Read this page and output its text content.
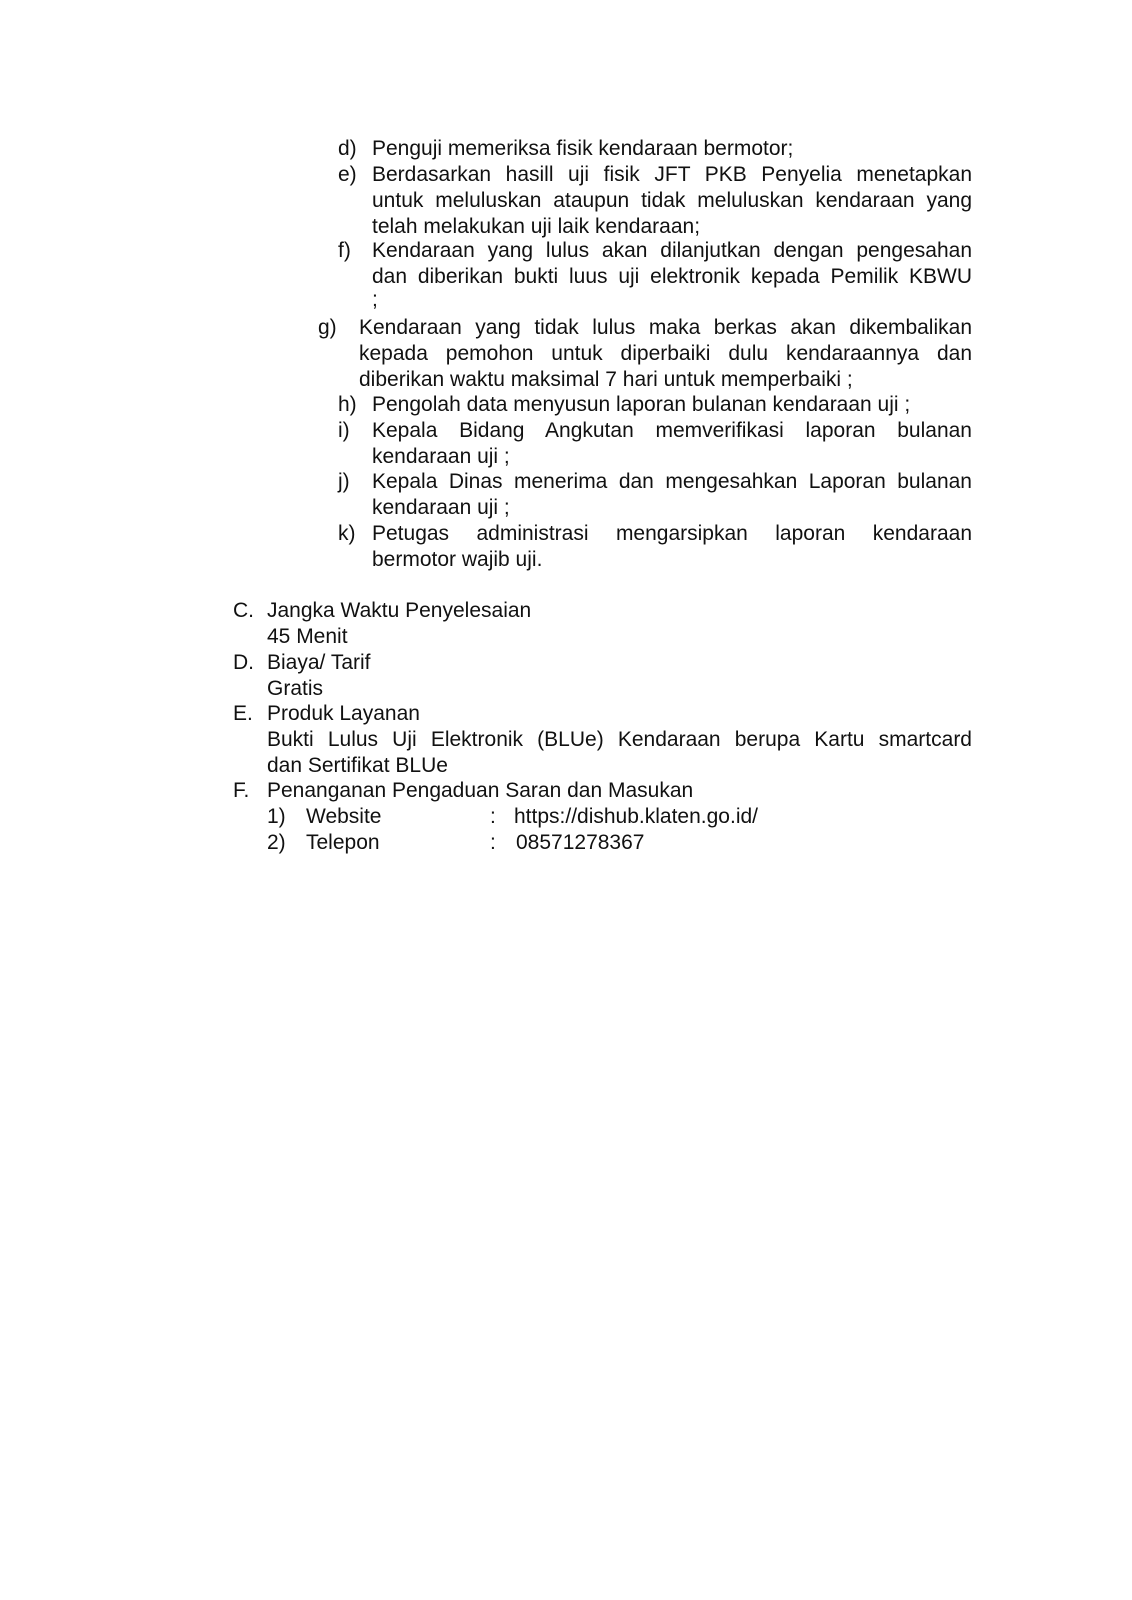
d) Penguji memeriksa fisik kendaraan bermotor;
e) Berdasarkan hasill uji fisik JFT PKB Penyelia menetapkan
untuk meluluskan ataupun tidak meluluskan kendaraan yang
telah melakukan uji laik kendaraan;
f) Kendaraan yang lulus akan dilanjutkan dengan pengesahan
dan diberikan bukti luus uji elektronik kepada Pemilik KBWU
;
g) Kendaraan yang tidak lulus maka berkas akan dikembalikan
kepada pemohon untuk diperbaiki dulu kendaraannya dan
diberikan waktu maksimal 7 hari untuk memperbaiki ;
h) Pengolah data menyusun laporan bulanan kendaraan uji ;
i) Kepala Bidang Angkutan memverifikasi laporan bulanan
kendaraan uji ;
j) Kepala Dinas menerima dan mengesahkan Laporan bulanan
kendaraan uji ;
k) Petugas administrasi mengarsipkan laporan kendaraan
bermotor wajib uji.
C. Jangka Waktu Penyelesaian
45 Menit
D. Biaya/ Tarif
Gratis
E. Produk Layanan
Bukti Lulus Uji Elektronik (BLUe) Kendaraan berupa Kartu smartcard
dan Sertifikat BLUe
F. Penanganan Pengaduan Saran dan Masukan
1) Website	: https://dishub.klaten.go.id/
2) Telepon	: 08571278367
